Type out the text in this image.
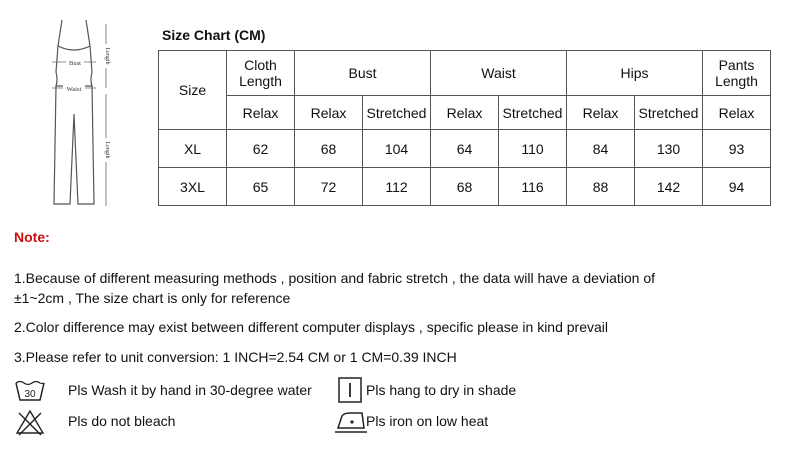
Bust
Waist
Length
Length
Size Chart (CM)
Size	Cloth Length	Bust		Waist		Hips		Pants Length
	Relax	Relax	Stretched	Relax	Stretched	Relax	Stretched	Relax
XL	62	68	104	64	110	84	130	93
3XL	65	72	112	68	116	88	142	94
Note:
1.Because of different measuring methods , position and fabric stretch , the data will have a deviation of
±1~2cm , The size chart is only for reference
2.Color difference may exist between different computer displays , specific please in kind prevail
3.Please refer to unit conversion: 1 INCH=2.54 CM or 1 CM=0.39 INCH
30 Pls Wash it by hand in 30-degree water	Pls hang to dry in shade
Pls do not bleach	Pls iron on low heat
